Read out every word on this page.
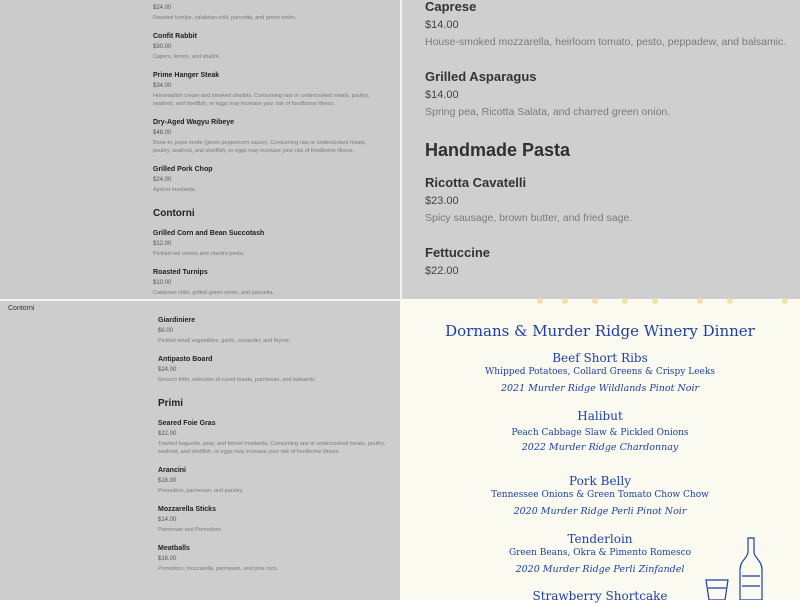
$24.00
Roasted turnips, calabrian chili, pancetta, and green onion.
Confit Rabbit
$30.00
Capers, lemon, and shallot.
Prime Hanger Steak
$34.00
Horseradish cream and smoked shallots. Consuming raw or undercooked meats, poultry, seafood, and shellfish, or eggs may increase your risk of foodborne illness.
Dry-Aged Wagyu Ribeye
$48.00
Bone-in, pepe verde (green peppercorn sauce). Consuming raw or undercooked meats, poultry, seafood, and shellfish, or eggs may increase your risk of foodborne illness.
Grilled Pork Chop
$24.00
Apricot mostarda.
Contorni
Grilled Corn and Bean Succotash
$12.00
Pickled red onions and cilantro pesto.
Roasted Turnips
$10.00
Calabrian chile, grilled green onion, and pancetta.
Caprese
$14.00
House-smoked mozzarella, heirloom tomato, pesto, peppadew, and balsamic.
Grilled Asparagus
$14.00
Spring pea, Ricotta Salata, and charred green onion.
Handmade Pasta
Ricotta Cavatelli
$23.00
Spicy sausage, brown butter, and fried sage.
Fettuccine
$22.00
Contorni
Giardiniere
$6.00
Pickled small vegetables, garlic, coriander, and thyme.
Antipasto Board
$24.00
Gnocco fritto, selection of cured meats, parmesan, and balsamic.
Primi
Seared Foie Gras
$22.00
Toasted baguette, pear, and fennel mostarda. Consuming raw or undercooked meats, poultry, seafood, and shellfish, or eggs may increase your risk of foodborne illness.
Arancini
$16.00
Pomodoro, parmesan, and parsley.
Mozzarella Sticks
$14.00
Parmesan and Pomodoro.
Meatballs
$16.00
Pomodoro, mozzarella, parmesan, and pine nuts.
Dornans & Murder Ridge Winery Dinner
Beef Short Ribs
Whipped Potatoes, Collard Greens & Crispy Leeks
2021 Murder Ridge Wildlands Pinot Noir
Halibut
Peach Cabbage Slaw & Pickled Onions
2022 Murder Ridge Chardonnay
Pork Belly
Tennessee Onions & Green Tomato Chow Chow
2020 Murder Ridge Perli Pinot Noir
Tenderloin
Green Beans, Okra & Pimento Romesco
2020 Murder Ridge Perli Zinfandel
Strawberry Shortcake
